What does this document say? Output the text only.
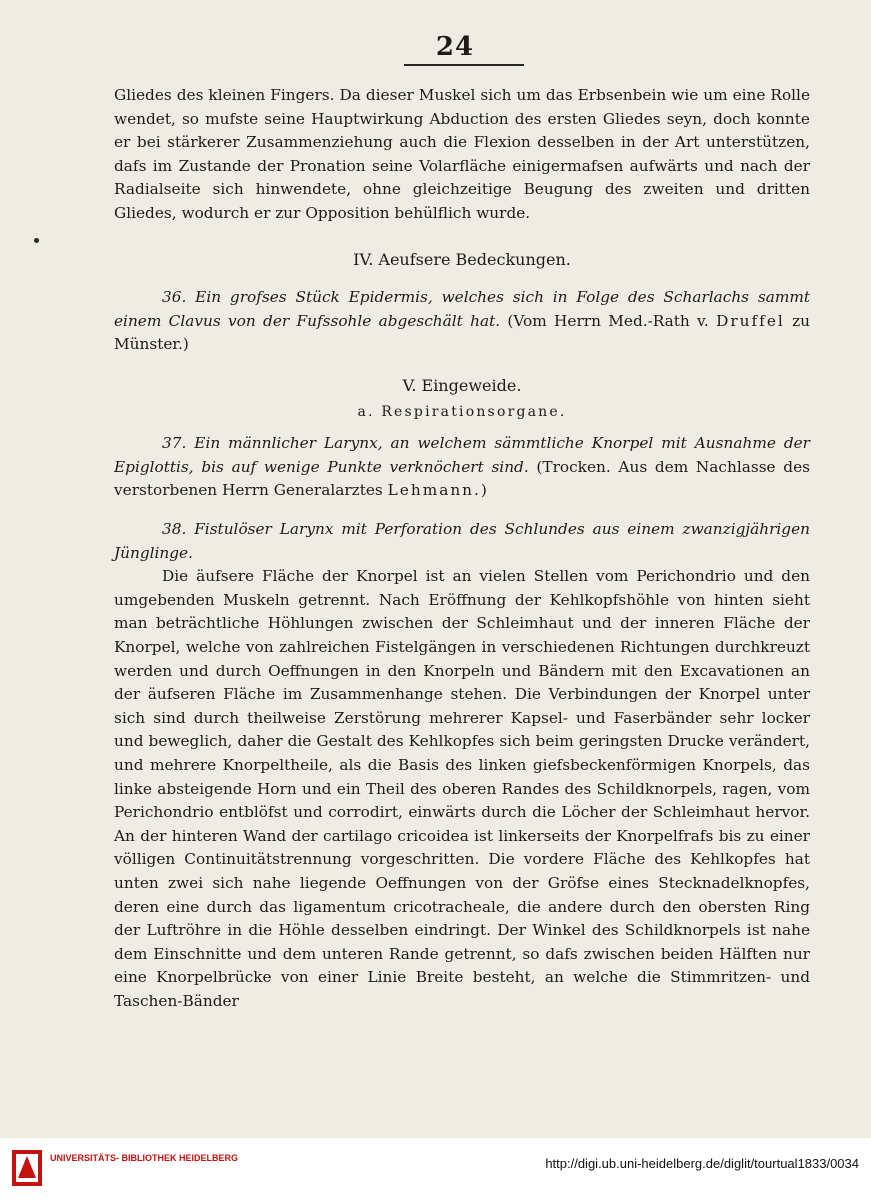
24

Gliedes des kleinen Fingers. Da dieser Muskel sich um das Erbsenbein wie um eine Rolle wendet, so mufste seine Hauptwirkung Abduction des ersten Gliedes seyn, doch konnte er bei stärkerer Zusammenziehung auch die Flexion desselben in der Art unterstützen, dafs im Zustande der Pronation seine Volarfläche einigermafsen aufwärts und nach der Radialseite sich hinwendete, ohne gleichzeitige Beugung des zweiten und dritten Gliedes, wodurch er zur Opposition behülflich wurde.

IV. Aeufsere Bedeckungen.

36. Ein grofses Stück Epidermis, welches sich in Folge des Scharlachs sammt einem Clavus von der Fufssohle abgeschält hat. (Vom Herrn Med.-Rath v. Druffel zu Münster.)

V. Eingeweide.
a. Respirationsorgane.

37. Ein männlicher Larynx, an welchem sämmtliche Knorpel mit Ausnahme der Epiglottis, bis auf wenige Punkte verknöchert sind. (Trocken. Aus dem Nachlasse des verstorbenen Herrn Generalarztes Lehmann.)

38. Fistulöser Larynx mit Perforation des Schlundes aus einem zwanzigjährigen Jünglinge.

Die äufsere Fläche der Knorpel ist an vielen Stellen vom Perichondrio und den umgebenden Muskeln getrennt. Nach Eröffnung der Kehlkopfshöhle von hinten sieht man beträchtliche Höhlungen zwischen der Schleimhaut und der inneren Fläche der Knorpel, welche von zahlreichen Fistelgängen in verschiedenen Richtungen durchkreuzt werden und durch Oeffnungen in den Knorpeln und Bändern mit den Excavationen an der äufseren Fläche im Zusammenhange stehen. Die Verbindungen der Knorpel unter sich sind durch theilweise Zerstörung mehrerer Kapsel- und Faserbänder sehr locker und beweglich, daher die Gestalt des Kehlkopfes sich beim geringsten Drucke verändert, und mehrere Knorpeltheile, als die Basis des linken giefsbeckenförmigen Knorpels, das linke absteigende Horn und ein Theil des oberen Randes des Schildknorpels, ragen, vom Perichondrio entblöfst und corrodirt, einwärts durch die Löcher der Schleimhaut hervor. An der hinteren Wand der cartilago cricoidea ist linkerseits der Knorpelfrafs bis zu einer völligen Continuitätstrennung vorgeschritten. Die vordere Fläche des Kehlkopfes hat unten zwei sich nahe liegende Oeffnungen von der Gröfse eines Stecknadelknopfes, deren eine durch das ligamentum cricotracheale, die andere durch den obersten Ring der Luftröhre in die Höhle desselben eindringt. Der Winkel des Schildknorpels ist nahe dem Einschnitte und dem unteren Rande getrennt, so dafs zwischen beiden Hälften nur eine Knorpelbrücke von einer Linie Breite besteht, an welche die Stimmritzen- und Taschen-Bänder

UNIVERSITÄTS- BIBLIOTHEK HEIDELBERG	http://digi.ub.uni-heidelberg.de/diglit/tourtual1833/0034
